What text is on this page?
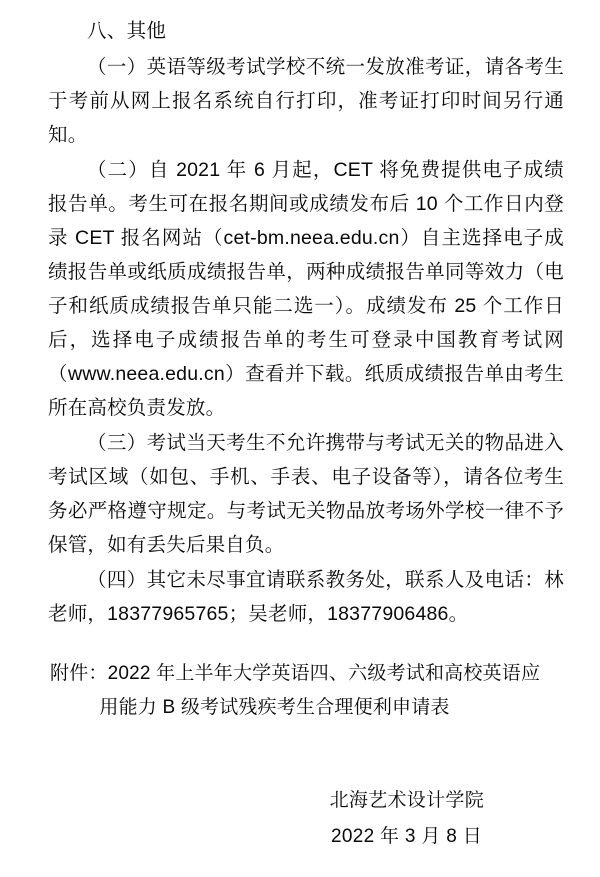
八、其他

（一）英语等级考试学校不统一发放准考证，请各考生于考前从网上报名系统自行打印，准考证打印时间另行通知。

（二）自 2021 年 6 月起，CET 将免费提供电子成绩报告单。考生可在报名期间或成绩发布后 10 个工作日内登录 CET 报名网站（cet-bm.neea.edu.cn）自主选择电子成绩报告单或纸质成绩报告单，两种成绩报告单同等效力（电子和纸质成绩报告单只能二选一）。成绩发布 25 个工作日后，选择电子成绩报告单的考生可登录中国教育考试网（www.neea.edu.cn）查看并下载。纸质成绩报告单由考生所在高校负责发放。

（三）考试当天考生不允许携带与考试无关的物品进入考试区域（如包、手机、手表、电子设备等），请各位考生务必严格遵守规定。与考试无关物品放考场外学校一律不予保管，如有丢失后果自负。

（四）其它未尽事宜请联系教务处，联系人及电话：林老师，18377965765；吴老师，18377906486。

附件：2022 年上半年大学英语四、六级考试和高校英语应
用能力 B 级考试残疾考生合理便利申请表

北海艺术设计学院
2022 年 3 月 8 日
